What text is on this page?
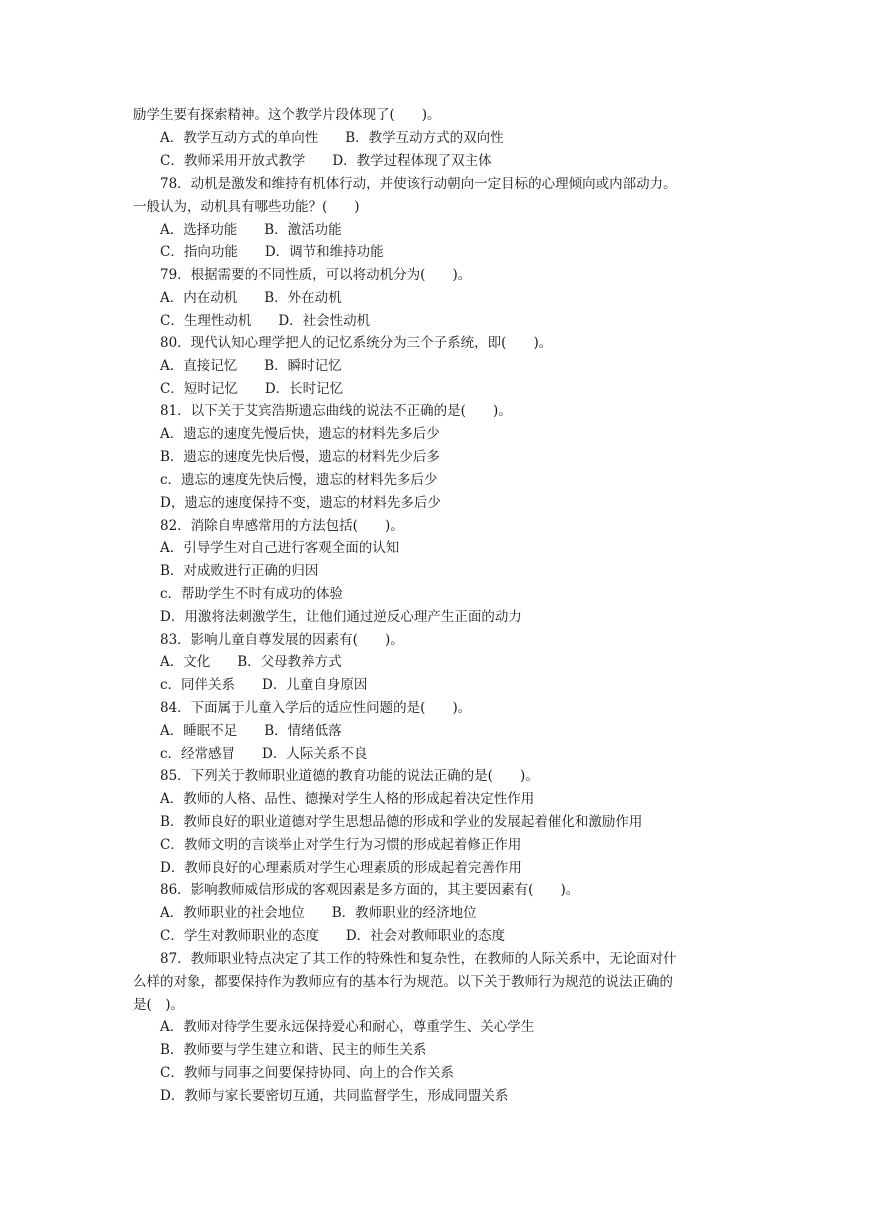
励学生要有探索精神。这个教学片段体现了(　　)。
A．教学互动方式的单向性　　B．教学互动方式的双向性
C．教师采用开放式教学　　D．教学过程体现了双主体
78．动机是激发和维持有机体行动，并使该行动朝向一定目标的心理倾向或内部动力。
一般认为，动机具有哪些功能？(　　)
A．选择功能　　B．激活功能
C．指向功能　　D．调节和维持功能
79．根据需要的不同性质，可以将动机分为(　　)。
A．内在动机　　B．外在动机
C．生理性动机　　D．社会性动机
80．现代认知心理学把人的记忆系统分为三个子系统，即(　　)。
A．直接记忆　　B．瞬时记忆
C．短时记忆　　D．长时记忆
81．以下关于艾宾浩斯遗忘曲线的说法不正确的是(　　)。
A．遗忘的速度先慢后快，遗忘的材料先多后少
B．遗忘的速度先快后慢，遗忘的材料先少后多
c．遗忘的速度先快后慢，遗忘的材料先多后少
D，遗忘的速度保持不变，遗忘的材料先多后少
82．消除自卑感常用的方法包括(　　)。
A．引导学生对自己进行客观全面的认知
B．对成败进行正确的归因
c．帮助学生不时有成功的体验
D．用激将法刺激学生，让他们通过逆反心理产生正面的动力
83．影响儿童自尊发展的因素有(　　)。
A．文化　　B．父母教养方式
c．同伴关系　　D．儿童自身原因
84．下面属于儿童入学后的适应性问题的是(　　)。
A．睡眠不足　　B．情绪低落
c．经常感冒　　D．人际关系不良
85．下列关于教师职业道德的教育功能的说法正确的是(　　)。
A．教师的人格、品性、德操对学生人格的形成起着决定性作用
B．教师良好的职业道德对学生思想品德的形成和学业的发展起着催化和激励作用
C．教师文明的言谈举止对学生行为习惯的形成起着修正作用
D．教师良好的心理素质对学生心理素质的形成起着完善作用
86．影响教师威信形成的客观因素是多方面的，其主要因素有(　　)。
A．教师职业的社会地位　　B．教师职业的经济地位
C．学生对教师职业的态度　　D．社会对教师职业的态度
87．教师职业特点决定了其工作的特殊性和复杂性，在教师的人际关系中，无论面对什
么样的对象，都要保持作为教师应有的基本行为规范。以下关于教师行为规范的说法正确的
是(　)。
A．教师对待学生要永远保持爱心和耐心，尊重学生、关心学生
B．教师要与学生建立和谐、民主的师生关系
C．教师与同事之间要保持协同、向上的合作关系
D．教师与家长要密切互通，共同监督学生，形成同盟关系
